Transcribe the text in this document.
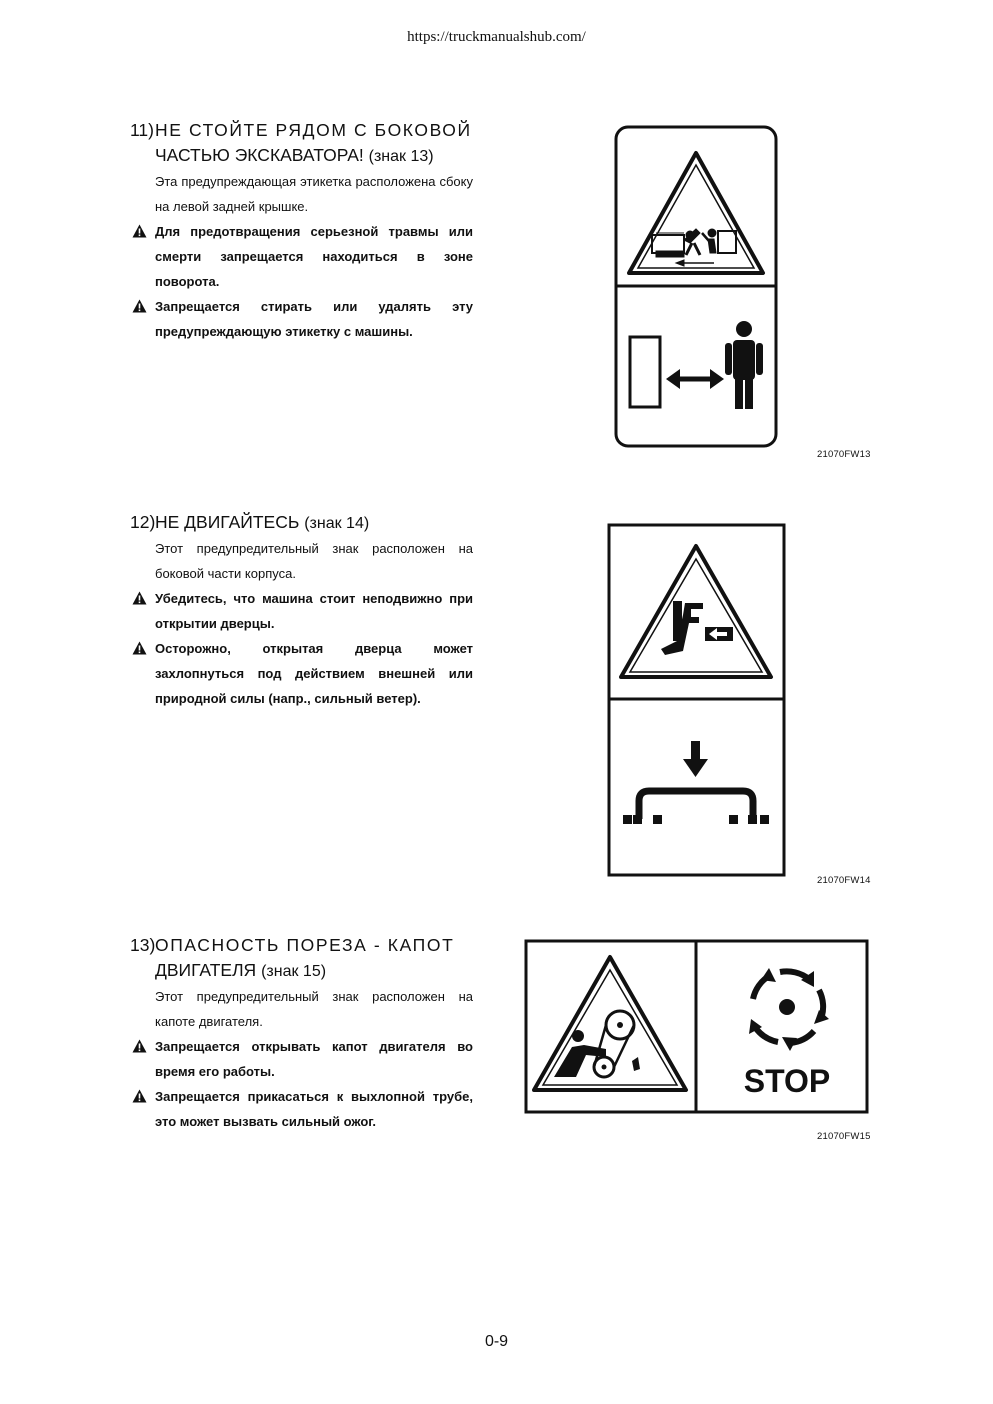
https://truckmanualshub.com/
11) НЕ СТОЙТЕ РЯДОМ С БОКОВОЙ
ЧАСТЬЮ ЭКСКАВАТОРА! (знак 13)
Эта предупреждающая этикетка расположена сбоку на левой задней крышке.
Для предотвращения серьезной травмы или смерти запрещается находиться в зоне поворота.
Запрещается стирать или удалять эту предупреждающую этикетку с машины.
21070FW13
12) НЕ ДВИГАЙТЕСЬ (знак 14)
Этот предупредительный знак расположен на боковой части корпуса.
Убедитесь, что машина стоит неподвижно при открытии дверцы.
Осторожно, открытая дверца может захлопнуться под действием внешней или природной силы (напр., сильный ветер).
21070FW14
13) ОПАСНОСТЬ ПОРЕЗА - КАПОТ
ДВИГАТЕЛЯ (знак 15)
Этот предупредительный знак расположен на капоте двигателя.
Запрещается открывать капот двигателя во время его работы.
Запрещается прикасаться к выхлопной трубе, это может вызвать сильный ожог.
STOP
21070FW15
0-9
